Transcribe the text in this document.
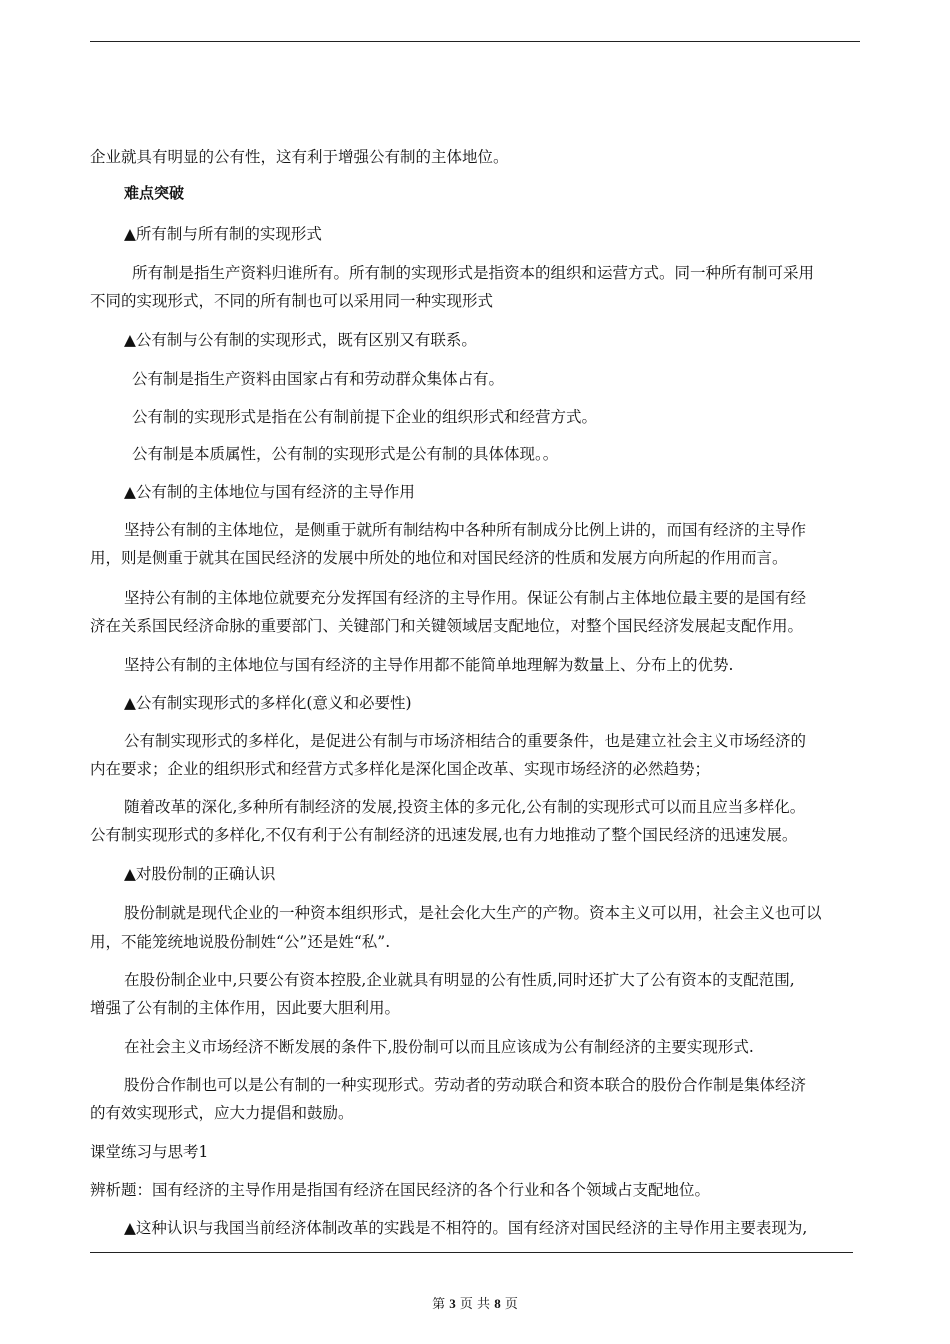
企业就具有明显的公有性，这有利于增强公有制的主体地位。
难点突破
▲所有制与所有制的实现形式
所有制是指生产资料归谁所有。所有制的实现形式是指资本的组织和运营方式。同一种所有制可采用
不同的实现形式，不同的所有制也可以采用同一种实现形式
▲公有制与公有制的实现形式，既有区别又有联系。
公有制是指生产资料由国家占有和劳动群众集体占有。
公有制的实现形式是指在公有制前提下企业的组织形式和经营方式。
公有制是本质属性，公有制的实现形式是公有制的具体体现。。
▲公有制的主体地位与国有经济的主导作用
坚持公有制的主体地位，是侧重于就所有制结构中各种所有制成分比例上讲的，而国有经济的主导作
用，则是侧重于就其在国民经济的发展中所处的地位和对国民经济的性质和发展方向所起的作用而言。
坚持公有制的主体地位就要充分发挥国有经济的主导作用。保证公有制占主体地位最主要的是国有经
济在关系国民经济命脉的重要部门、关键部门和关键领域居支配地位，对整个国民经济发展起支配作用。
坚持公有制的主体地位与国有经济的主导作用都不能简单地理解为数量上、分布上的优势.
▲公有制实现形式的多样化(意义和必要性)
公有制实现形式的多样化，是促进公有制与市场济相结合的重要条件，也是建立社会主义市场经济的
内在要求；企业的组织形式和经营方式多样化是深化国企改革、实现市场经济的必然趋势；
随着改革的深化,多种所有制经济的发展,投资主体的多元化,公有制的实现形式可以而且应当多样化。
公有制实现形式的多样化,不仅有利于公有制经济的迅速发展,也有力地推动了整个国民经济的迅速发展。
▲对股份制的正确认识
股份制就是现代企业的一种资本组织形式，是社会化大生产的产物。资本主义可以用，社会主义也可以
用，不能笼统地说股份制姓“公”还是姓“私”.
在股份制企业中,只要公有资本控股,企业就具有明显的公有性质,同时还扩大了公有资本的支配范围,
增强了公有制的主体作用，因此要大胆利用。
在社会主义市场经济不断发展的条件下,股份制可以而且应该成为公有制经济的主要实现形式.
股份合作制也可以是公有制的一种实现形式。劳动者的劳动联合和资本联合的股份合作制是集体经济
的有效实现形式，应大力提倡和鼓励。
课堂练习与思考1
辨析题：国有经济的主导作用是指国有经济在国民经济的各个行业和各个领域占支配地位。
▲这种认识与我国当前经济体制改革的实践是不相符的。国有经济对国民经济的主导作用主要表现为,
第 3 页 共 8 页
